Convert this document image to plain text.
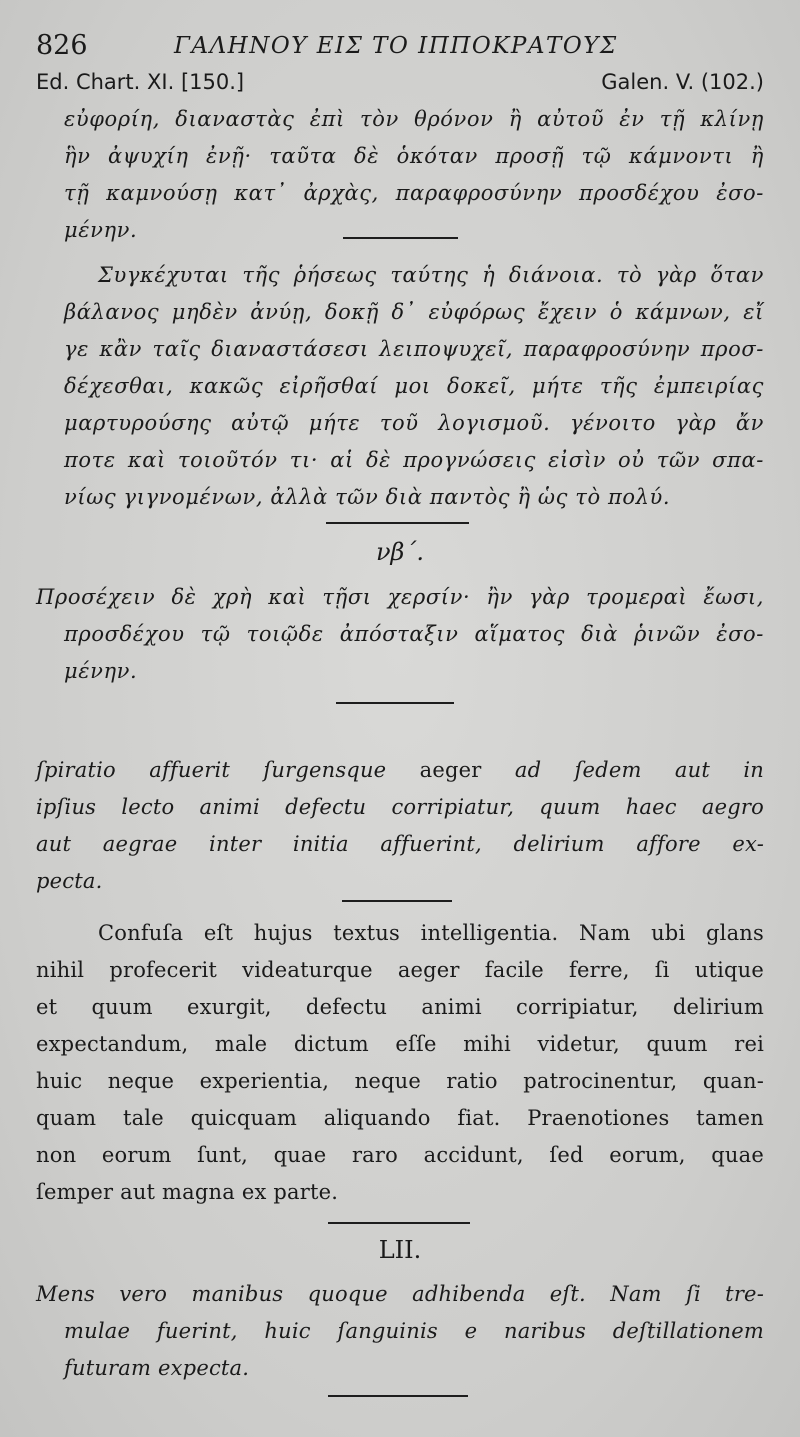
826	ΓΑΛΗΝΟΥ ΕΙΣ ΤΟ ΙΠΠΟΚΡΑΤΟΥΣ
Ed. Chart. XI. [150.]	Galen. V. (102.)
εὐφορίη, διαναστὰς ἐπὶ τὸν θρόνον ἢ αὐτοῦ ἐν τῇ κλίνῃ
ἣν ἀψυχίη ἐνῇ· ταῦτα δὲ ὁκόταν προσῇ τῷ κάμνοντι ἢ
τῇ καμνούσῃ κατ᾽ ἀρχὰς, παραφροσύνην προσδέχου ἐσο-
μένην.
Συγκέχυται τῆς ῥήσεως ταύτης ἡ διάνοια. τὸ γὰρ ὅταν
βάλανος μηδὲν ἀνύῃ, δοκῇ δ᾽ εὐφόρως ἔχειν ὁ κάμνων, εἴ
γε κἂν ταῖς διαναστάσεσι λειποψυχεῖ, παραφροσύνην προσ-
δέχεσθαι, κακῶς εἰρῆσθαί μοι δοκεῖ, μήτε τῆς ἐμπειρίας
μαρτυρούσης αὐτῷ μήτε τοῦ λογισμοῦ. γένοιτο γὰρ ἄν
ποτε καὶ τοιοῦτόν τι· αἱ δὲ προγνώσεις εἰσὶν οὐ τῶν σπα-
νίως γιγνομένων, ἀλλὰ τῶν διὰ παντὸς ἢ ὡς τὸ πολύ.
νβ΄.
Προσέχειν δὲ χρὴ καὶ τῇσι χερσίν· ἢν γὰρ τρομεραὶ ἔωσι,
προσδέχου τῷ τοιῷδε ἀπόσταξιν αἵματος διὰ ῥινῶν ἐσο-
μένην.
ſpiratio affuerit ſurgensque aeger ad ſedem aut in
ipſius lecto animi defectu corripiatur, quum haec aegro
aut aegrae inter initia affuerint, delirium affore ex-
pecta.
Confuſa eſt hujus textus intelligentia. Nam ubi glans
nihil profecerit videaturque aeger facile ferre, ſi utique
et quum exurgit, defectu animi corripiatur, delirium
expectandum, male dictum eſſe mihi videtur, quum rei
huic neque experientia, neque ratio patrocinentur, quan-
quam tale quicquam aliquando fiat. Praenotiones tamen
non eorum ſunt, quae raro accidunt, ſed eorum, quae
ſemper aut magna ex parte.
LII.
Mens vero manibus quoque adhibenda eſt. Nam ſi tre-
mulae fuerint, huic ſanguinis e naribus deſtillationem
futuram expecta.
